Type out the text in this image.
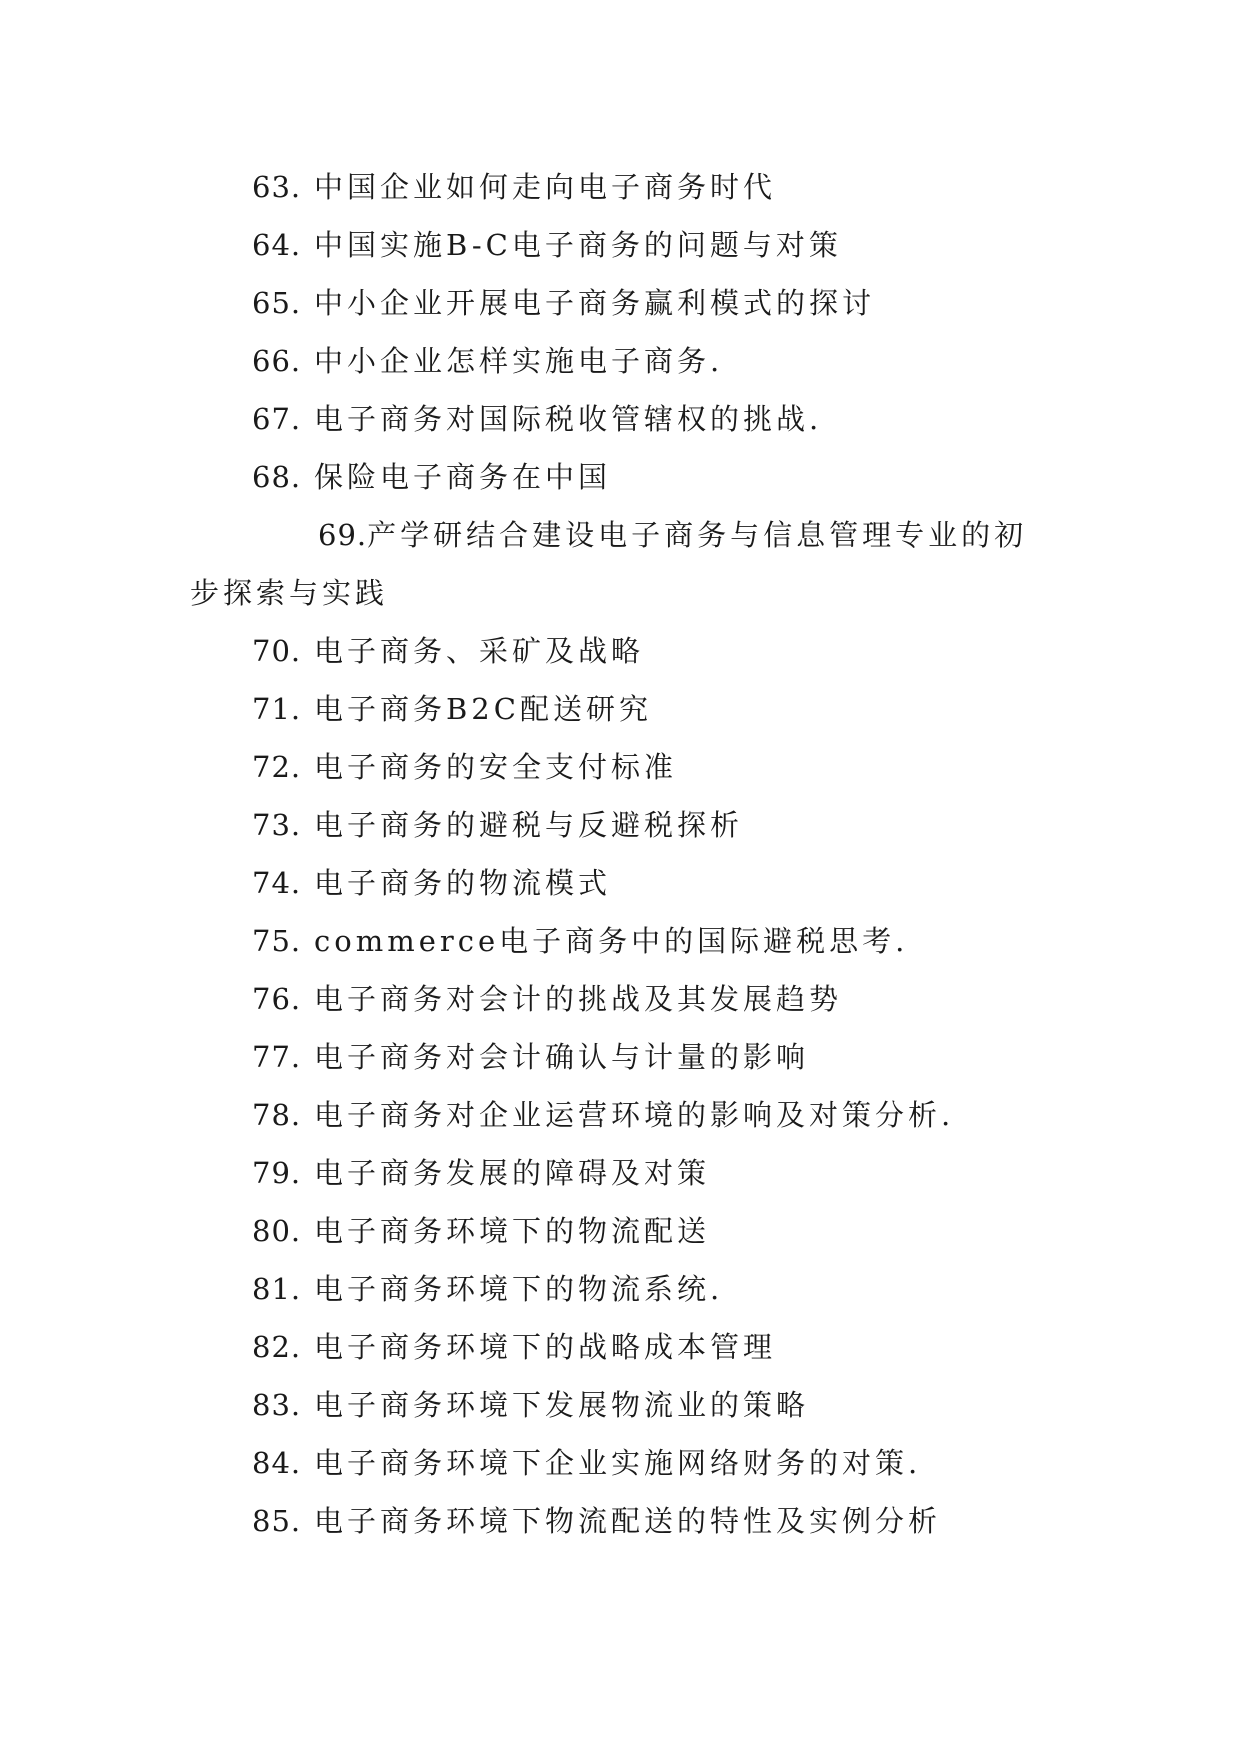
63. 中国企业如何走向电子商务时代
64. 中国实施B-C电子商务的问题与对策
65. 中小企业开展电子商务赢利模式的探讨
66. 中小企业怎样实施电子商务.
67. 电子商务对国际税收管辖权的挑战.
68. 保险电子商务在中国
69.产学研结合建设电子商务与信息管理专业的初步探索与实践
70. 电子商务、采矿及战略
71. 电子商务B2C配送研究
72. 电子商务的安全支付标准
73. 电子商务的避税与反避税探析
74. 电子商务的物流模式
75. commerce电子商务中的国际避税思考.
76. 电子商务对会计的挑战及其发展趋势
77. 电子商务对会计确认与计量的影响
78. 电子商务对企业运营环境的影响及对策分析.
79. 电子商务发展的障碍及对策
80. 电子商务环境下的物流配送
81. 电子商务环境下的物流系统.
82. 电子商务环境下的战略成本管理
83. 电子商务环境下发展物流业的策略
84. 电子商务环境下企业实施网络财务的对策.
85. 电子商务环境下物流配送的特性及实例分析
